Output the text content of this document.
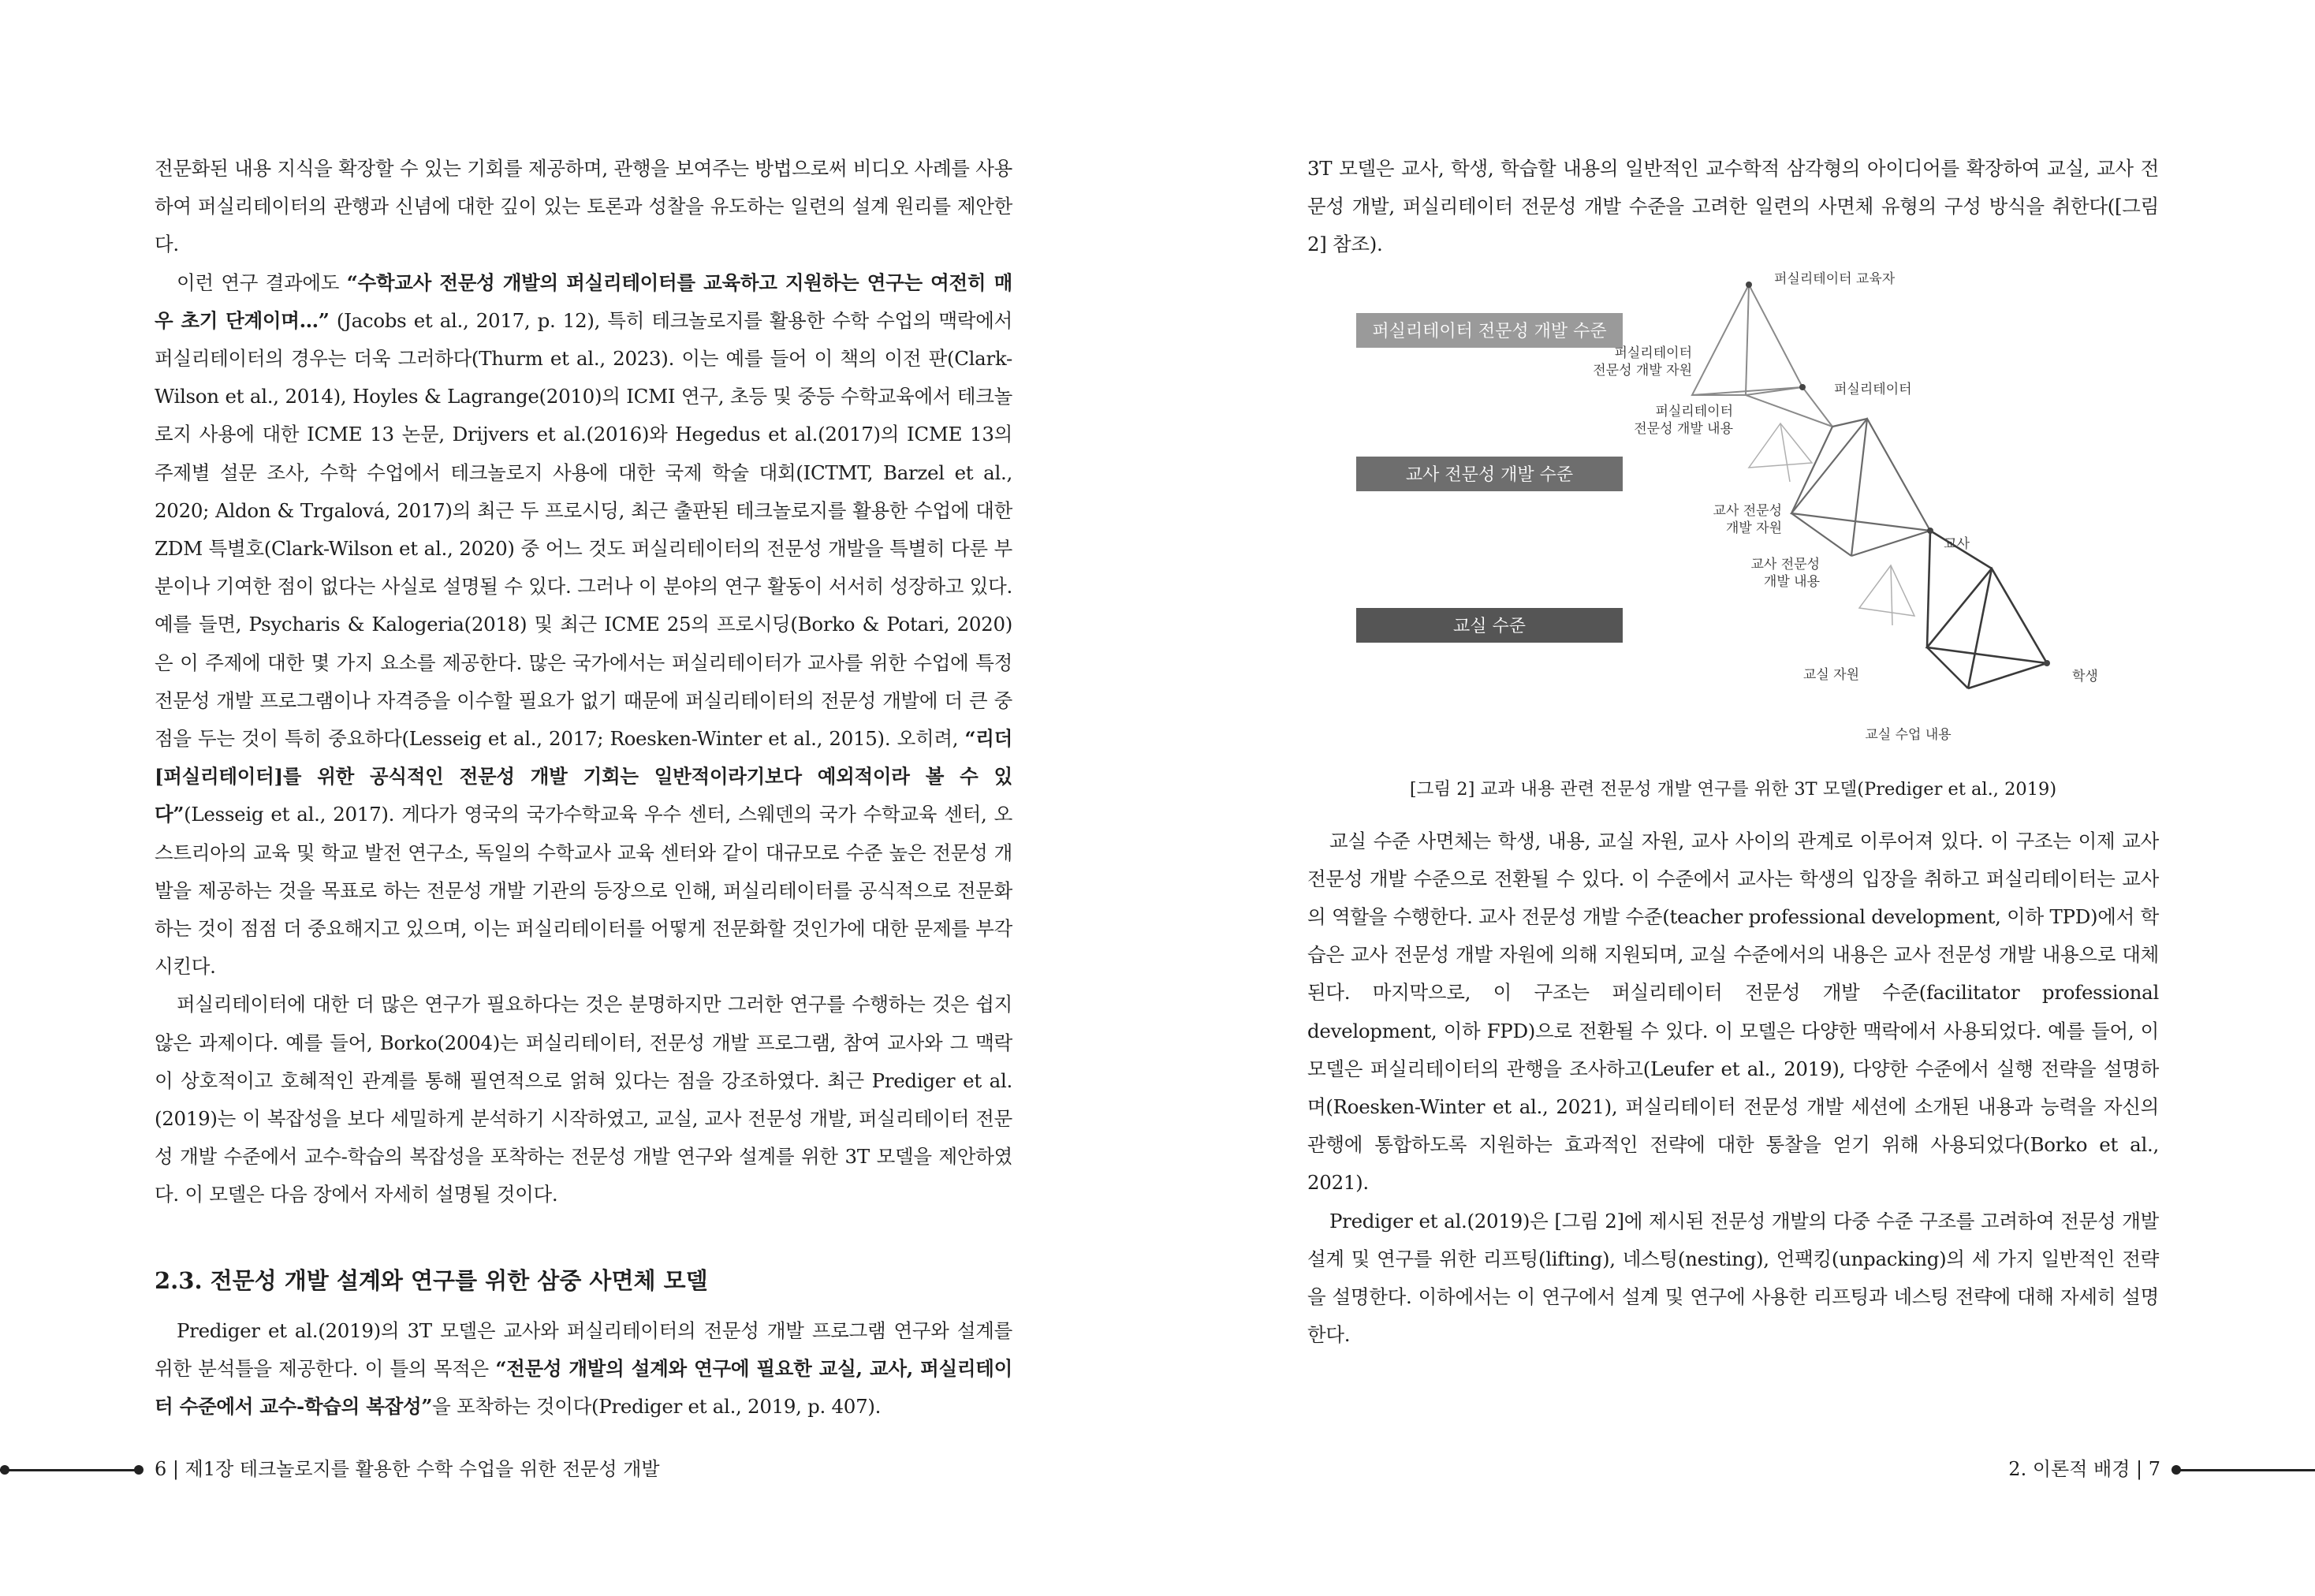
전문화된 내용 지식을 확장할 수 있는 기회를 제공하며, 관행을 보여주는 방법으로써 비디오 사례를 사용하여 퍼실리테이터의 관행과 신념에 대한 깊이 있는 토론과 성찰을 유도하는 일련의 설계 원리를 제안한다.

이런 연구 결과에도 “수학교사 전문성 개발의 퍼실리테이터를 교육하고 지원하는 연구는 여전히 매우 초기 단계이며…” (Jacobs et al., 2017, p. 12), 특히 테크놀로지를 활용한 수학 수업의 맥락에서 퍼실리테이터의 경우는 더욱 그러하다(Thurm et al., 2023). 이는 예를 들어 이 책의 이전 판(Clark-Wilson et al., 2014), Hoyles & Lagrange(2010)의 ICMI 연구, 초등 및 중등 수학교육에서 테크놀로지 사용에 대한 ICME 13 논문, Drijvers et al.(2016)와 Hegedus et al.(2017)의 ICME 13의 주제별 설문 조사, 수학 수업에서 테크놀로지 사용에 대한 국제 학술 대회(ICTMT, Barzel et al., 2020; Aldon & Trgalová, 2017)의 최근 두 프로시딩, 최근 출판된 테크놀로지를 활용한 수업에 대한 ZDM 특별호(Clark-Wilson et al., 2020) 중 어느 것도 퍼실리테이터의 전문성 개발을 특별히 다룬 부분이나 기여한 점이 없다는 사실로 설명될 수 있다. 그러나 이 분야의 연구 활동이 서서히 성장하고 있다. 예를 들면, Psycharis & Kalogeria(2018) 및 최근 ICME 25의 프로시딩(Borko & Potari, 2020)은 이 주제에 대한 몇 가지 요소를 제공한다. 많은 국가에서는 퍼실리테이터가 교사를 위한 수업에 특정 전문성 개발 프로그램이나 자격증을 이수할 필요가 없기 때문에 퍼실리테이터의 전문성 개발에 더 큰 중점을 두는 것이 특히 중요하다(Lesseig et al., 2017; Roesken-Winter et al., 2015). 오히려, “리더[퍼실리테이터]를 위한 공식적인 전문성 개발 기회는 일반적이라기보다 예외적이라 볼 수 있다”(Lesseig et al., 2017). 게다가 영국의 국가수학교육 우수 센터, 스웨덴의 국가 수학교육 센터, 오스트리아의 교육 및 학교 발전 연구소, 독일의 수학교사 교육 센터와 같이 대규모로 수준 높은 전문성 개발을 제공하는 것을 목표로 하는 전문성 개발 기관의 등장으로 인해, 퍼실리테이터를 공식적으로 전문화하는 것이 점점 더 중요해지고 있으며, 이는 퍼실리테이터를 어떻게 전문화할 것인가에 대한 문제를 부각시킨다.

퍼실리테이터에 대한 더 많은 연구가 필요하다는 것은 분명하지만 그러한 연구를 수행하는 것은 쉽지 않은 과제이다. 예를 들어, Borko(2004)는 퍼실리테이터, 전문성 개발 프로그램, 참여 교사와 그 맥락이 상호적이고 호혜적인 관계를 통해 필연적으로 얽혀 있다는 점을 강조하였다. 최근 Prediger et al.(2019)는 이 복잡성을 보다 세밀하게 분석하기 시작하였고, 교실, 교사 전문성 개발, 퍼실리테이터 전문성 개발 수준에서 교수-학습의 복잡성을 포착하는 전문성 개발 연구와 설계를 위한 3T 모델을 제안하였다. 이 모델은 다음 장에서 자세히 설명될 것이다.

2.3. 전문성 개발 설계와 연구를 위한 삼중 사면체 모델

Prediger et al.(2019)의 3T 모델은 교사와 퍼실리테이터의 전문성 개발 프로그램 연구와 설계를 위한 분석틀을 제공한다. 이 틀의 목적은 “전문성 개발의 설계와 연구에 필요한 교실, 교사, 퍼실리테이터 수준에서 교수-학습의 복잡성”을 포착하는 것이다(Prediger et al., 2019, p. 407).

3T 모델은 교사, 학생, 학습할 내용의 일반적인 교수학적 삼각형의 아이디어를 확장하여 교실, 교사 전문성 개발, 퍼실리테이터 전문성 개발 수준을 고려한 일련의 사면체 유형의 구성 방식을 취한다([그림 2] 참조).

퍼실리테이터 전문성 개발 수준
교사 전문성 개발 수준
교실 수준
퍼실리테이터 교육자
퍼실리테이터
전문성 개발 자원
퍼실리테이터
퍼실리테이터
전문성 개발 내용
교사 전문성
개발 자원
교사
교사 전문성
개발 내용
교실 자원	학생
교실 수업 내용
[그림 2] 교과 내용 관련 전문성 개발 연구를 위한 3T 모델(Prediger et al., 2019)

교실 수준 사면체는 학생, 내용, 교실 자원, 교사 사이의 관계로 이루어져 있다. 이 구조는 이제 교사 전문성 개발 수준으로 전환될 수 있다. 이 수준에서 교사는 학생의 입장을 취하고 퍼실리테이터는 교사의 역할을 수행한다. 교사 전문성 개발 수준(teacher professional development, 이하 TPD)에서 학습은 교사 전문성 개발 자원에 의해 지원되며, 교실 수준에서의 내용은 교사 전문성 개발 내용으로 대체된다. 마지막으로, 이 구조는 퍼실리테이터 전문성 개발 수준(facilitator professional development, 이하 FPD)으로 전환될 수 있다. 이 모델은 다양한 맥락에서 사용되었다. 예를 들어, 이 모델은 퍼실리테이터의 관행을 조사하고(Leufer et al., 2019), 다양한 수준에서 실행 전략을 설명하며(Roesken-Winter et al., 2021), 퍼실리테이터 전문성 개발 세션에 소개된 내용과 능력을 자신의 관행에 통합하도록 지원하는 효과적인 전략에 대한 통찰을 얻기 위해 사용되었다(Borko et al., 2021).

Prediger et al.(2019)은 [그림 2]에 제시된 전문성 개발의 다중 수준 구조를 고려하여 전문성 개발 설계 및 연구를 위한 리프팅(lifting), 네스팅(nesting), 언팩킹(unpacking)의 세 가지 일반적인 전략을 설명한다. 이하에서는 이 연구에서 설계 및 연구에 사용한 리프팅과 네스팅 전략에 대해 자세히 설명한다.

6 | 제1장 테크놀로지를 활용한 수학 수업을 위한 전문성 개발	2. 이론적 배경 | 7
